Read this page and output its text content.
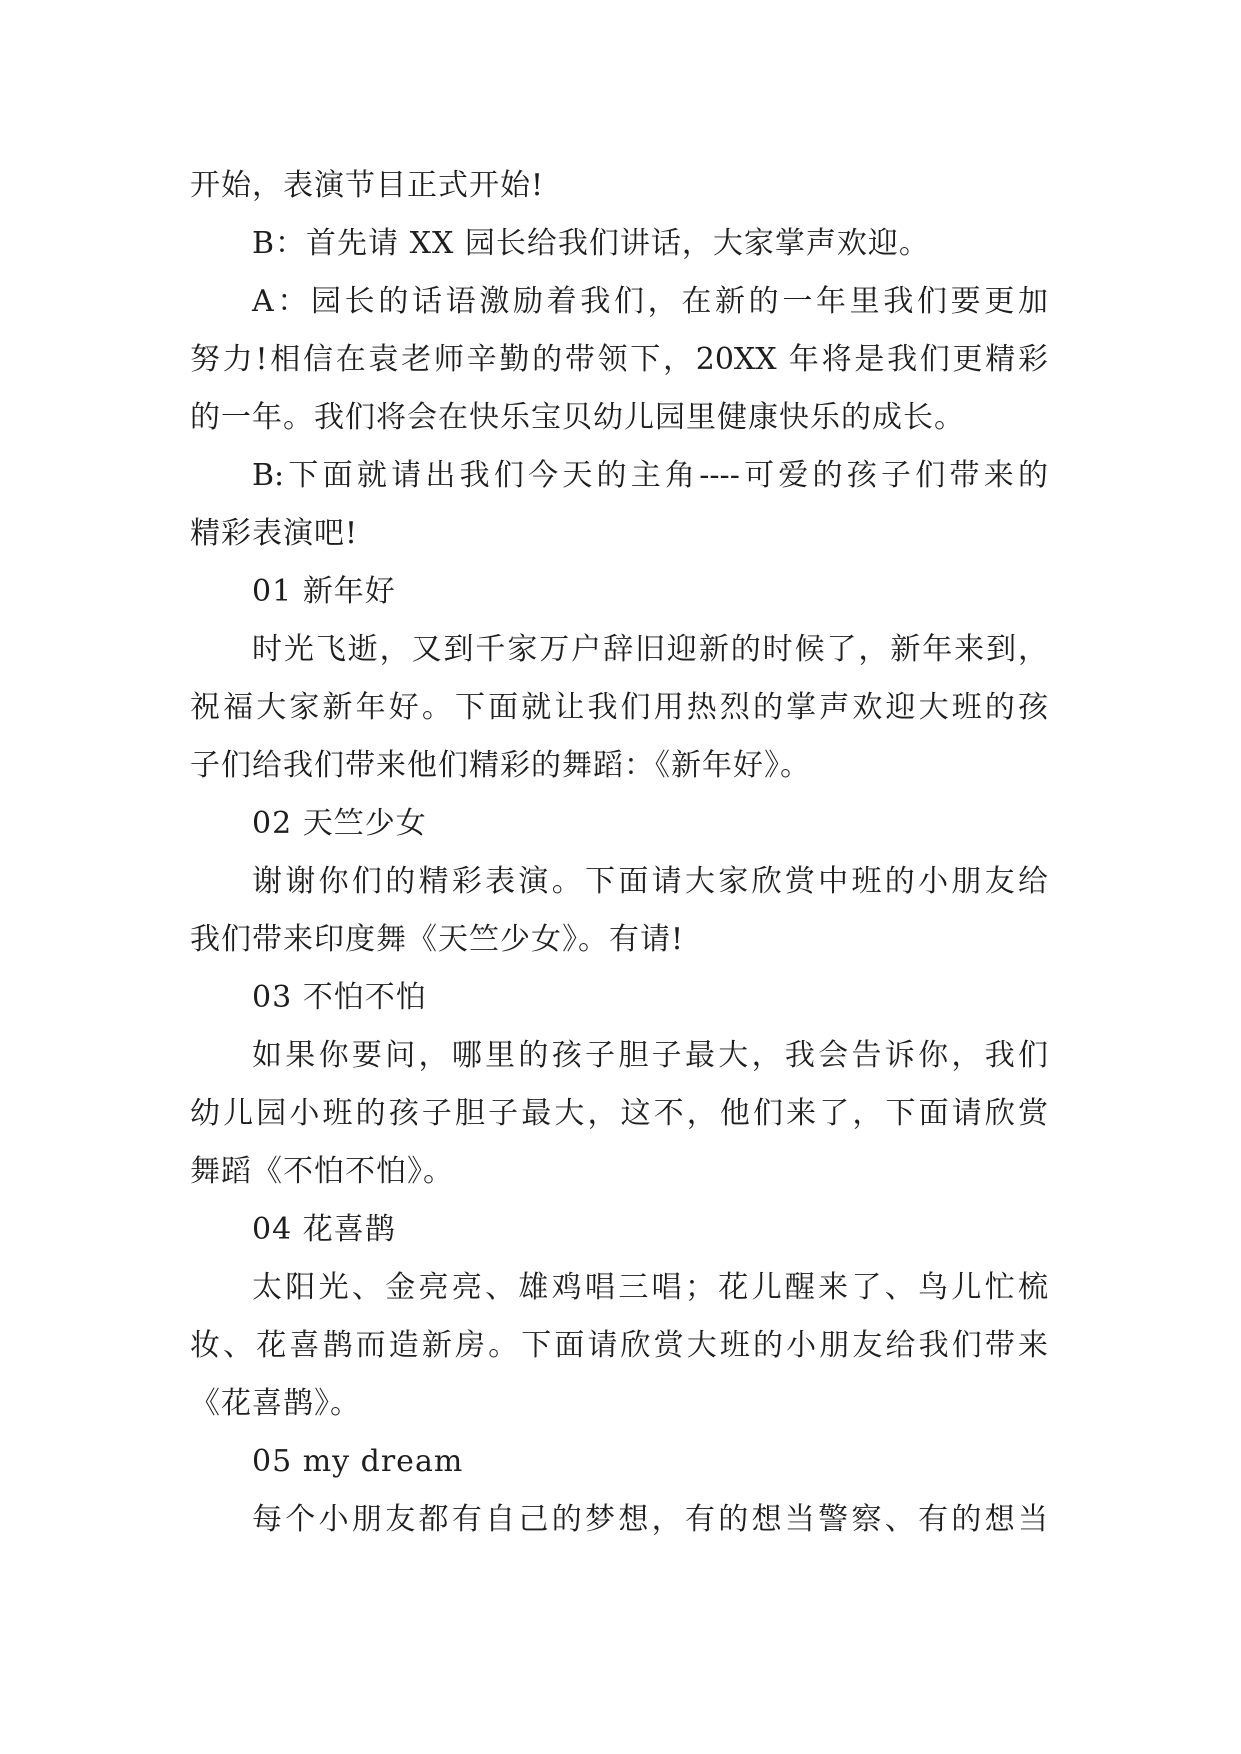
开始，表演节目正式开始!
B：首先请 XX 园长给我们讲话，大家掌声欢迎。
A：园长的话语激励着我们，在新的一年里我们要更加
努力!相信在袁老师辛勤的带领下，20XX 年将是我们更精彩
的一年。我们将会在快乐宝贝幼儿园里健康快乐的成长。
B:下面就请出我们今天的主角----可爱的孩子们带来的
精彩表演吧!
01 新年好
时光飞逝，又到千家万户辞旧迎新的时候了，新年来到，
祝福大家新年好。下面就让我们用热烈的掌声欢迎大班的孩
子们给我们带来他们精彩的舞蹈：《新年好》。
02 天竺少女
谢谢你们的精彩表演。下面请大家欣赏中班的小朋友给
我们带来印度舞《天竺少女》。有请!
03 不怕不怕
如果你要问，哪里的孩子胆子最大，我会告诉你，我们
幼儿园小班的孩子胆子最大，这不，他们来了，下面请欣赏
舞蹈《不怕不怕》。
04 花喜鹊
太阳光、金亮亮、雄鸡唱三唱；花儿醒来了、鸟儿忙梳
妆、花喜鹊而造新房。下面请欣赏大班的小朋友给我们带来
《花喜鹊》。
05 my dream
每个小朋友都有自己的梦想，有的想当警察、有的想当
